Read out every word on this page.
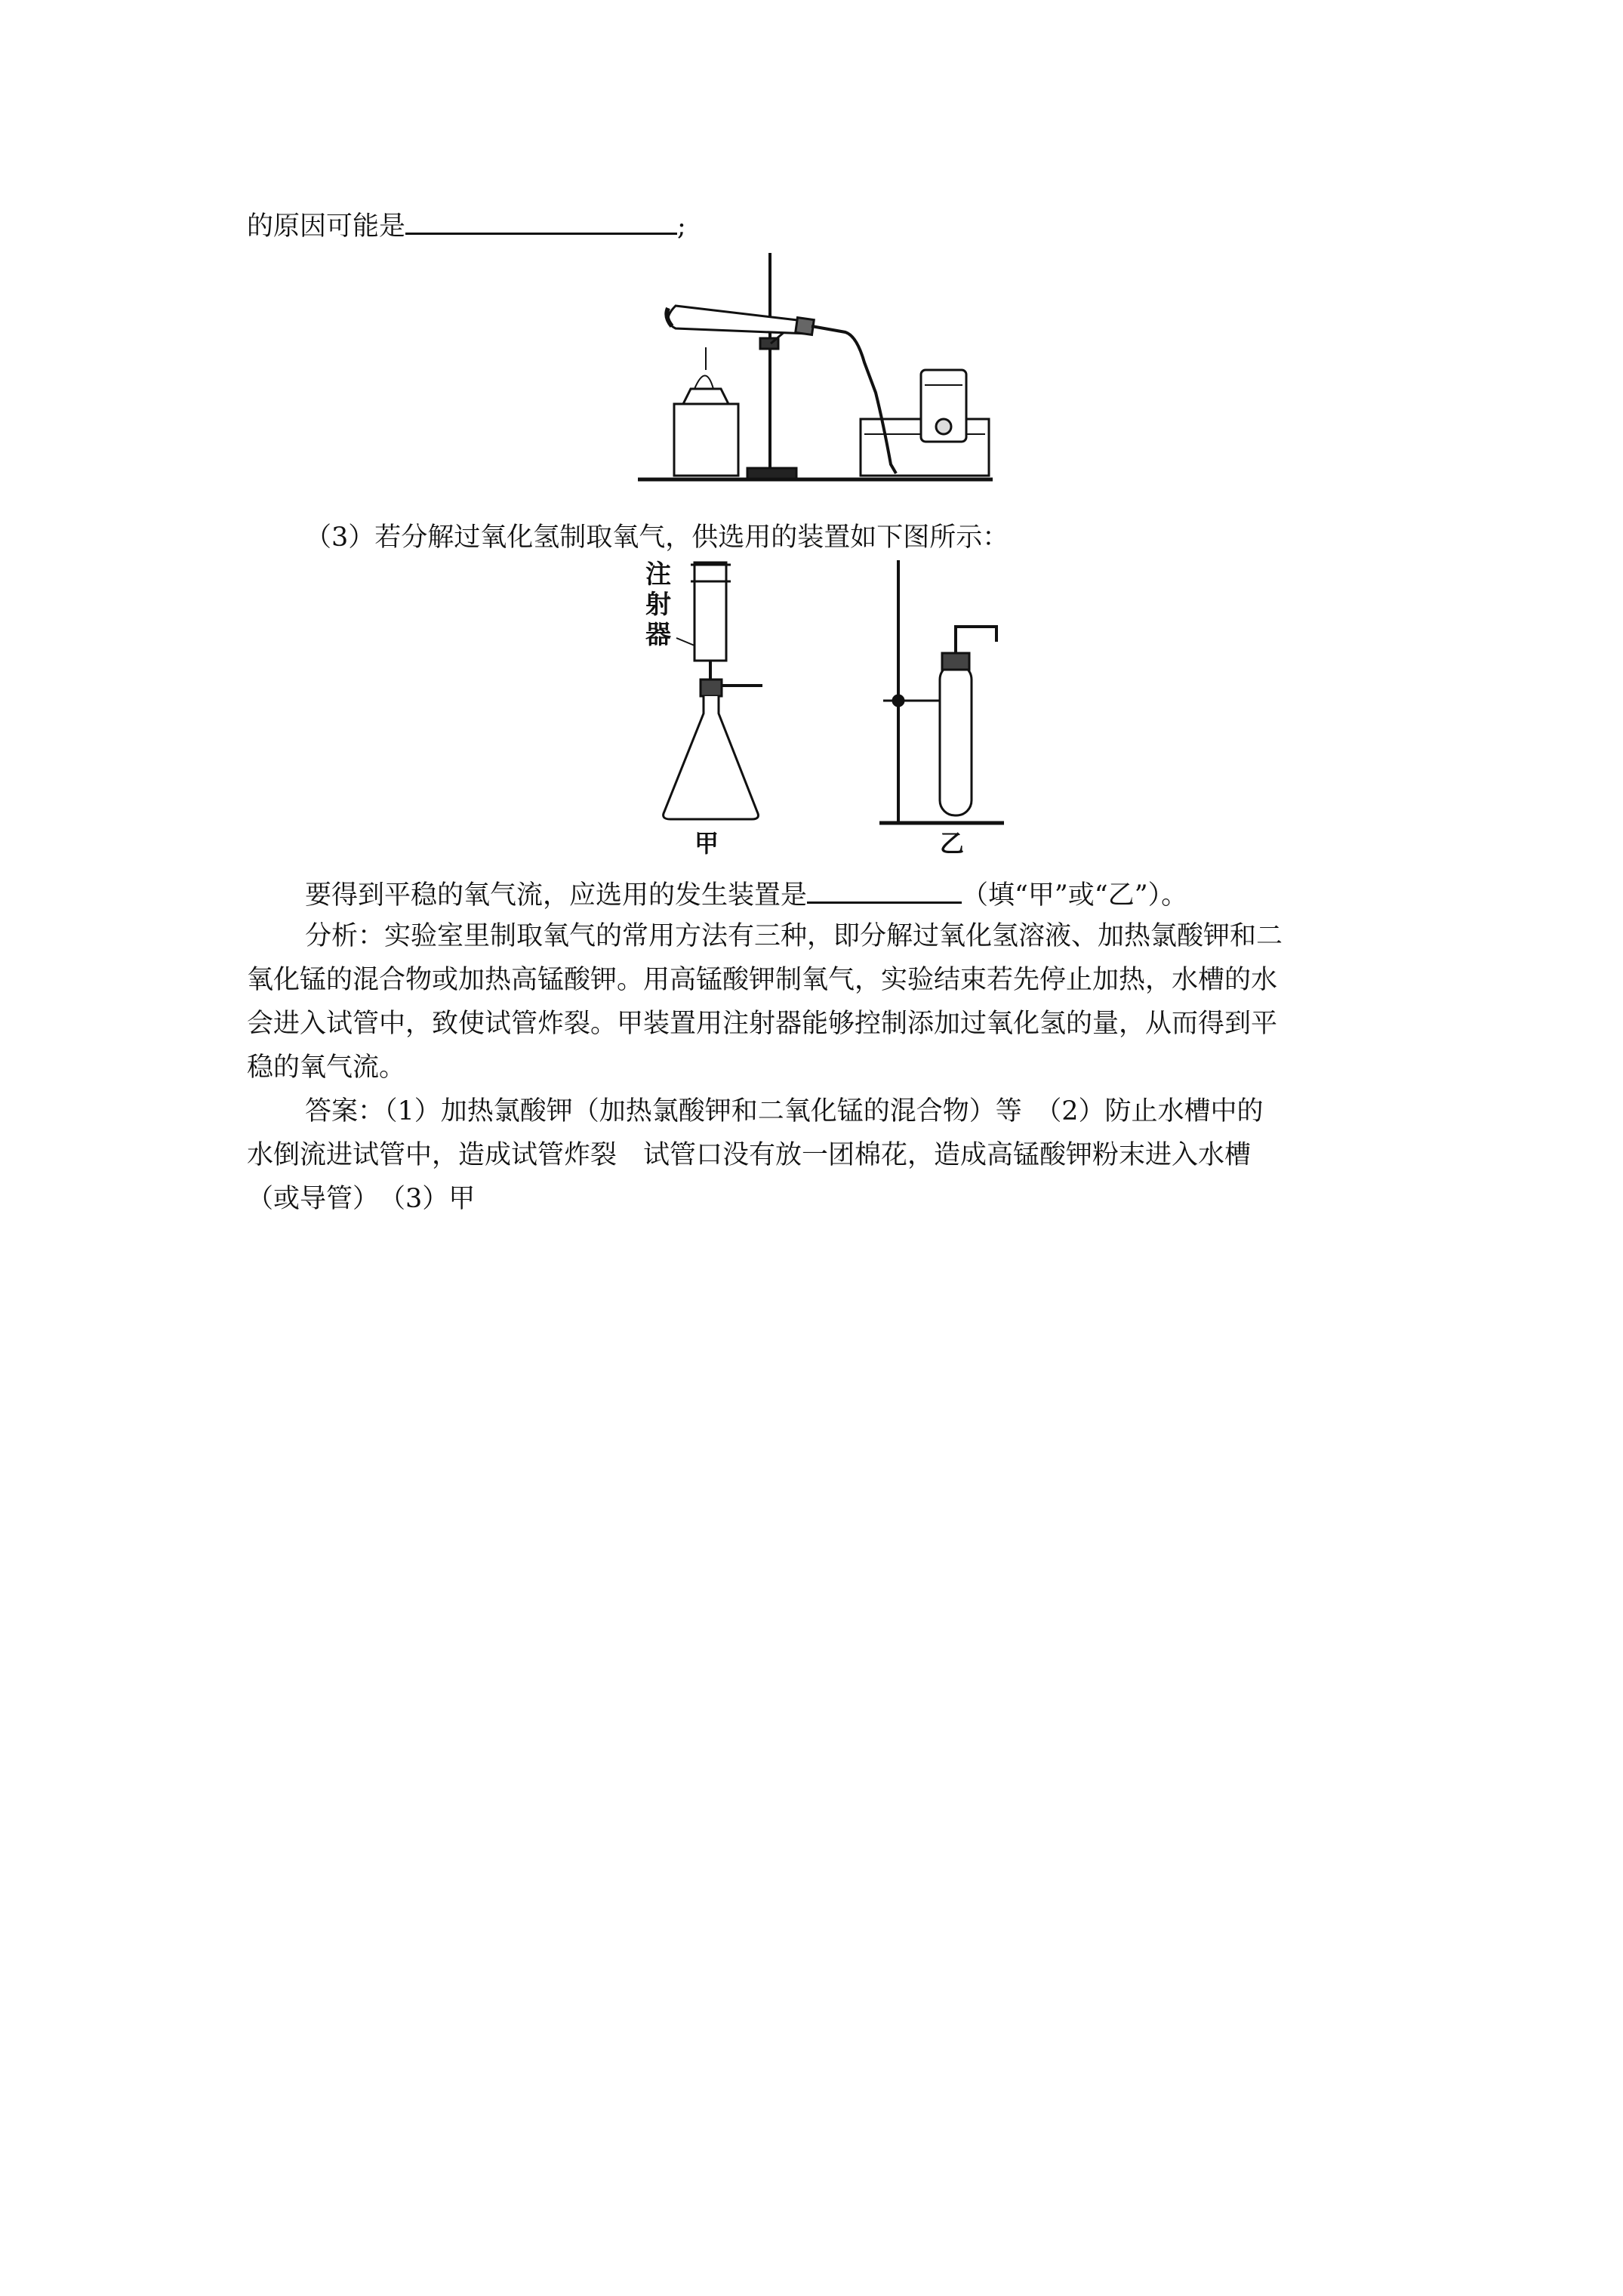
的原因可能是	;
（3）若分解过氧化氢制取氧气，供选用的装置如下图所示：
注
射
器
甲	乙
要得到平稳的氧气流，应选用的发生装置是	（填“甲”或“乙”）。
分析：实验室里制取氧气的常用方法有三种，即分解过氧化氢溶液、加热氯酸钾和二
氧化锰的混合物或加热高锰酸钾。用高锰酸钾制氧气，实验结束若先停止加热，水槽的水
会进入试管中，致使试管炸裂。甲装置用注射器能够控制添加过氧化氢的量，从而得到平
稳的氧气流。
答案：（1）加热氯酸钾（加热氯酸钾和二氧化锰的混合物）等　（2）防止水槽中的
水倒流进试管中，造成试管炸裂　试管口没有放一团棉花，造成高锰酸钾粉末进入水槽
（或导管）　（3）甲
